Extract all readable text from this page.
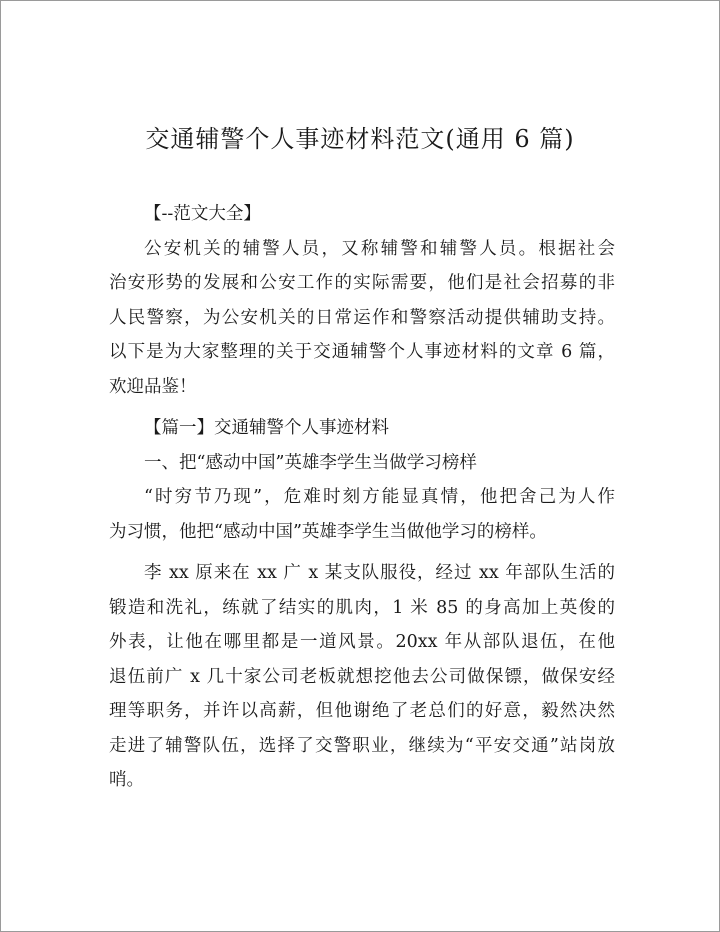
交通辅警个人事迹材料范文(通用 6 篇)
【--范文大全】
公安机关的辅警人员，又称辅警和辅警人员。根据社会
治安形势的发展和公安工作的实际需要，他们是社会招募的非
人民警察，为公安机关的日常运作和警察活动提供辅助支持。
以下是为大家整理的关于交通辅警个人事迹材料的文章 6 篇，
欢迎品鉴！
【篇一】交通辅警个人事迹材料
一、把“感动中国”英雄李学生当做学习榜样
“时穷节乃现”，危难时刻方能显真情，他把舍己为人作
为习惯，他把“感动中国”英雄李学生当做他学习的榜样。
李 xx 原来在 xx 广 x 某支队服役，经过 xx 年部队生活的
锻造和洗礼，练就了结实的肌肉，1 米 85 的身高加上英俊的
外表，让他在哪里都是一道风景。20xx 年从部队退伍，在他
退伍前广 x 几十家公司老板就想挖他去公司做保镖，做保安经
理等职务，并许以高薪，但他谢绝了老总们的好意，毅然决然
走进了辅警队伍，选择了交警职业，继续为“平安交通”站岗放
哨。
